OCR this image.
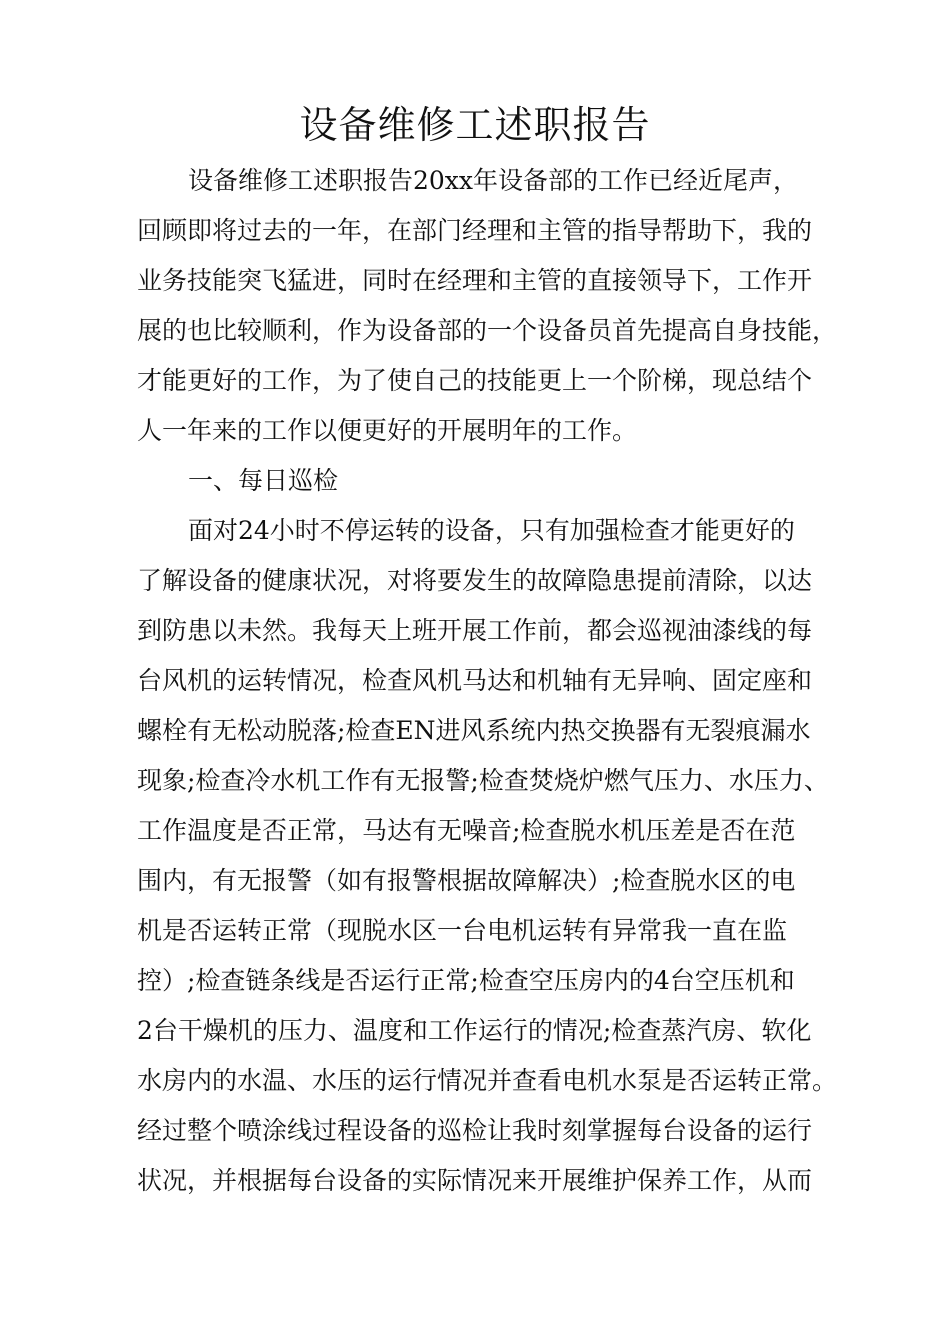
设备维修工述职报告
设备维修工述职报告20xx年设备部的工作已经近尾声，
回顾即将过去的一年，在部门经理和主管的指导帮助下，我的
业务技能突飞猛进，同时在经理和主管的直接领导下，工作开
展的也比较顺利，作为设备部的一个设备员首先提高自身技能，
才能更好的工作，为了使自己的技能更上一个阶梯，现总结个
人一年来的工作以便更好的开展明年的工作。
一、每日巡检
面对24小时不停运转的设备，只有加强检查才能更好的
了解设备的健康状况，对将要发生的故障隐患提前清除，以达
到防患以未然。我每天上班开展工作前，都会巡视油漆线的每
台风机的运转情况，检查风机马达和机轴有无异响、固定座和
螺栓有无松动脱落;检查EN进风系统内热交换器有无裂痕漏水
现象;检查冷水机工作有无报警;检查焚烧炉燃气压力、水压力、
工作温度是否正常，马达有无噪音;检查脱水机压差是否在范
围内，有无报警（如有报警根据故障解决）;检查脱水区的电
机是否运转正常（现脱水区一台电机运转有异常我一直在监
控）;检查链条线是否运行正常;检查空压房内的4台空压机和
2台干燥机的压力、温度和工作运行的情况;检查蒸汽房、软化
水房内的水温、水压的运行情况并查看电机水泵是否运转正常。
经过整个喷涂线过程设备的巡检让我时刻掌握每台设备的运行
状况，并根据每台设备的实际情况来开展维护保养工作，从而
